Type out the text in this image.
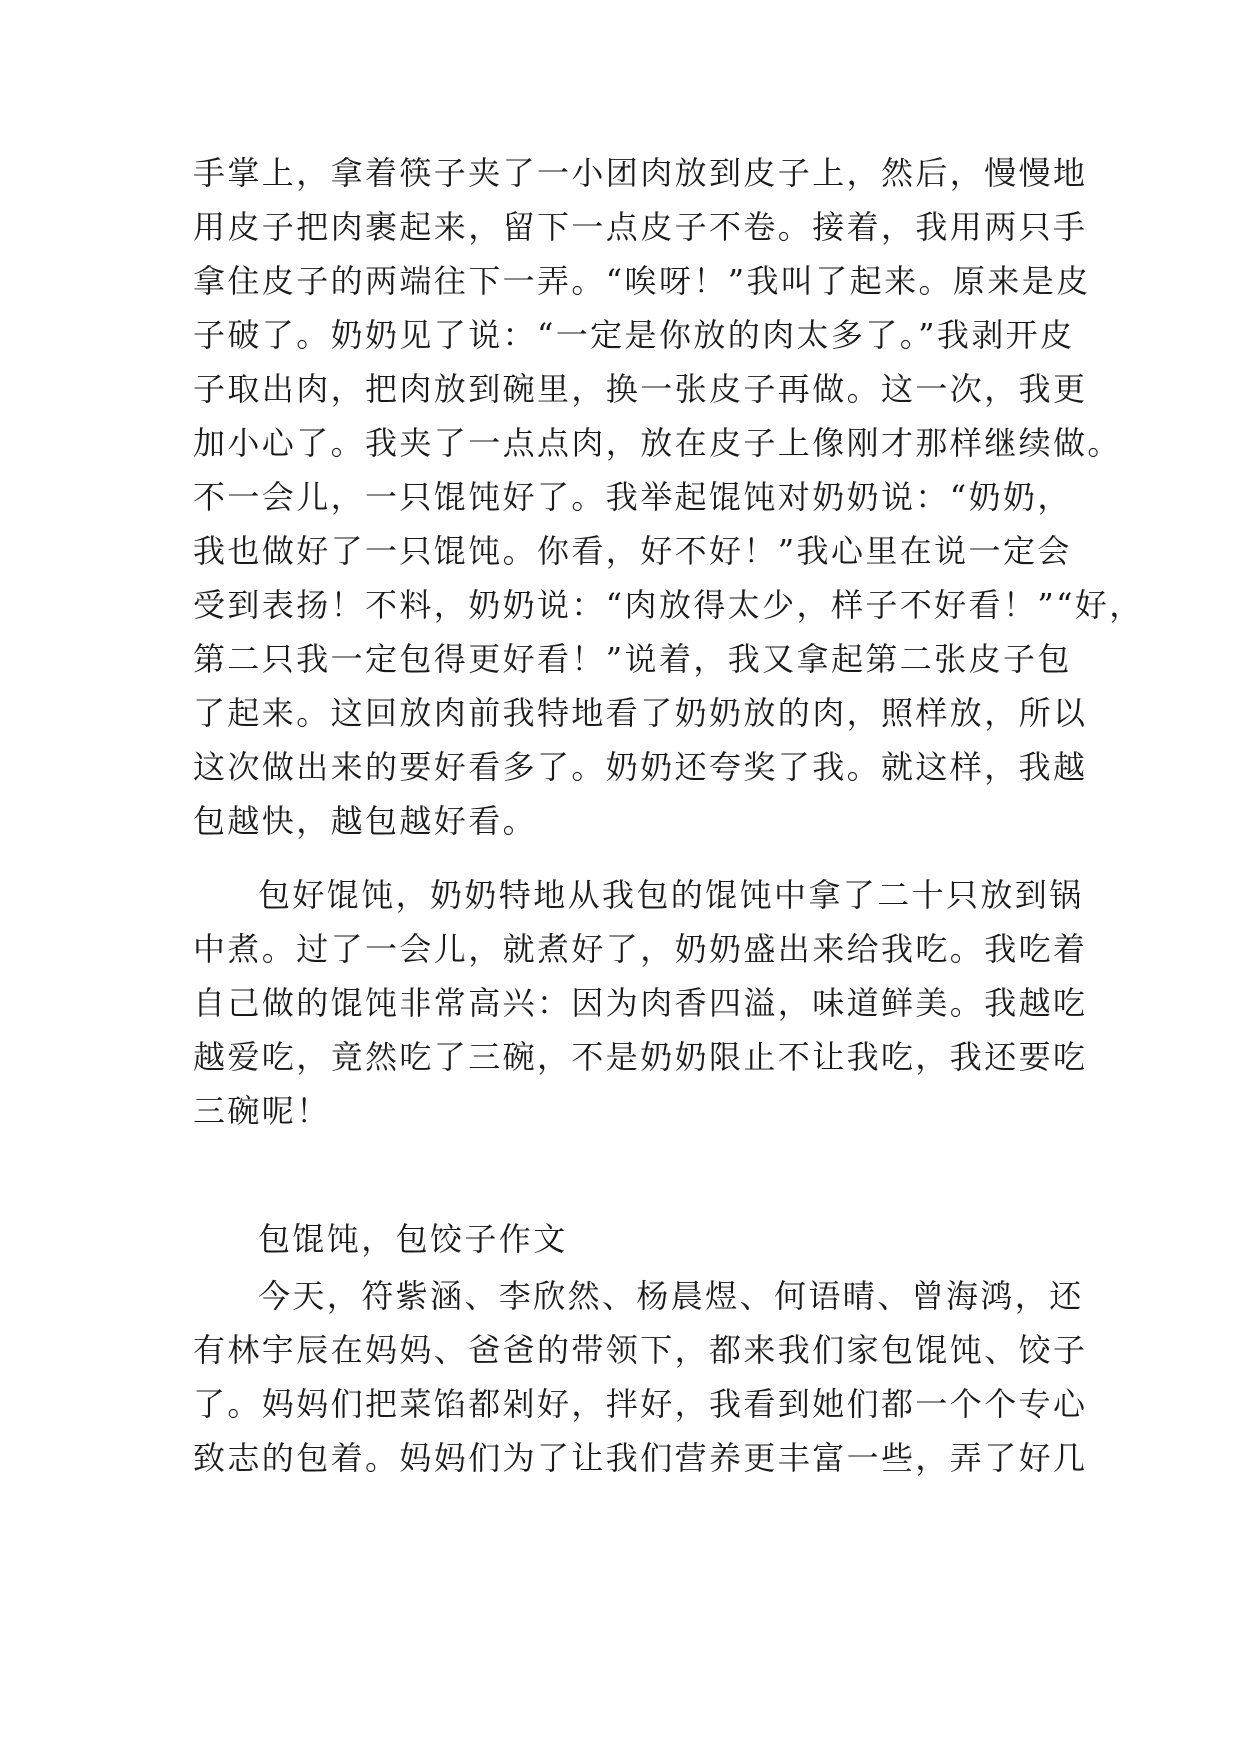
手掌上，拿着筷子夹了一小团肉放到皮子上，然后，慢慢地
用皮子把肉裹起来，留下一点皮子不卷。接着，我用两只手
拿住皮子的两端往下一弄。“唉呀！”我叫了起来。原来是皮
子破了。奶奶见了说：“一定是你放的肉太多了。”我剥开皮
子取出肉，把肉放到碗里，换一张皮子再做。这一次，我更
加小心了。我夹了一点点肉，放在皮子上像刚才那样继续做。
不一会儿，一只馄饨好了。我举起馄饨对奶奶说：“奶奶，
我也做好了一只馄饨。你看，好不好！”我心里在说一定会
受到表扬！不料，奶奶说：“肉放得太少，样子不好看！”“好，
第二只我一定包得更好看！”说着，我又拿起第二张皮子包
了起来。这回放肉前我特地看了奶奶放的肉，照样放，所以
这次做出来的要好看多了。奶奶还夸奖了我。就这样，我越
包越快，越包越好看。
包好馄饨，奶奶特地从我包的馄饨中拿了二十只放到锅
中煮。过了一会儿，就煮好了，奶奶盛出来给我吃。我吃着
自己做的馄饨非常高兴：因为肉香四溢，味道鲜美。我越吃
越爱吃，竟然吃了三碗，不是奶奶限止不让我吃，我还要吃
三碗呢！
包馄饨，包饺子作文
今天，符紫涵、李欣然、杨晨煜、何语晴、曾海鸿，还
有林宇辰在妈妈、爸爸的带领下，都来我们家包馄饨、饺子
了。妈妈们把菜馅都剁好，拌好，我看到她们都一个个专心
致志的包着。妈妈们为了让我们营养更丰富一些，弄了好几
